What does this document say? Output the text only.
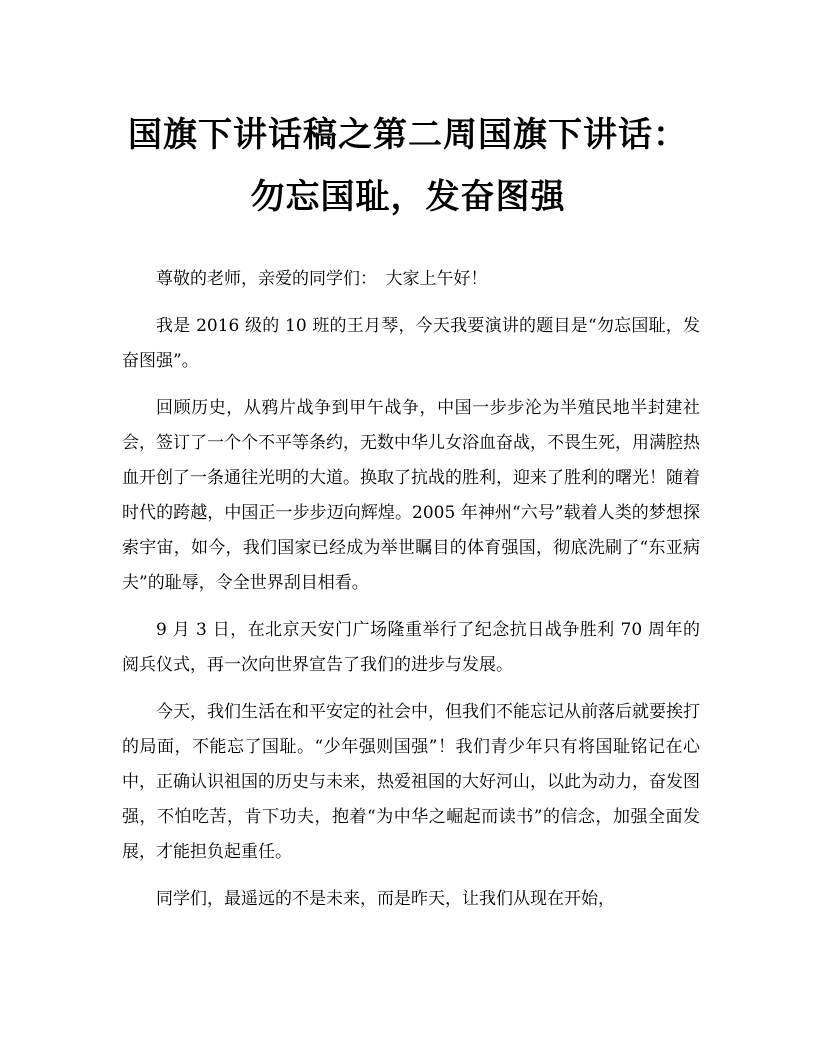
国旗下讲话稿之第二周国旗下讲话：勿忘国耻，发奋图强

尊敬的老师，亲爱的同学们：　大家上午好！

我是 2016 级的 10 班的王月琴，今天我要演讲的题目是“勿忘国耻，发奋图强”。

回顾历史，从鸦片战争到甲午战争，中国一步步沦为半殖民地半封建社会，签订了一个个不平等条约，无数中华儿女浴血奋战，不畏生死，用满腔热血开创了一条通往光明的大道。换取了抗战的胜利，迎来了胜利的曙光！随着时代的跨越，中国正一步步迈向辉煌。2005 年神州“六号”载着人类的梦想探索宇宙，如今，我们国家已经成为举世瞩目的体育强国，彻底洗刷了“东亚病夫”的耻辱，令全世界刮目相看。

9 月 3 日，在北京天安门广场隆重举行了纪念抗日战争胜利 70 周年的阅兵仪式，再一次向世界宣告了我们的进步与发展。

今天，我们生活在和平安定的社会中，但我们不能忘记从前落后就要挨打的局面，不能忘了国耻。“少年强则国强”！我们青少年只有将国耻铭记在心中，正确认识祖国的历史与未来，热爱祖国的大好河山，以此为动力，奋发图强，不怕吃苦，肯下功夫，抱着“为中华之崛起而读书”的信念，加强全面发展，才能担负起重任。

同学们，最遥远的不是未来，而是昨天，让我们从现在开始，
